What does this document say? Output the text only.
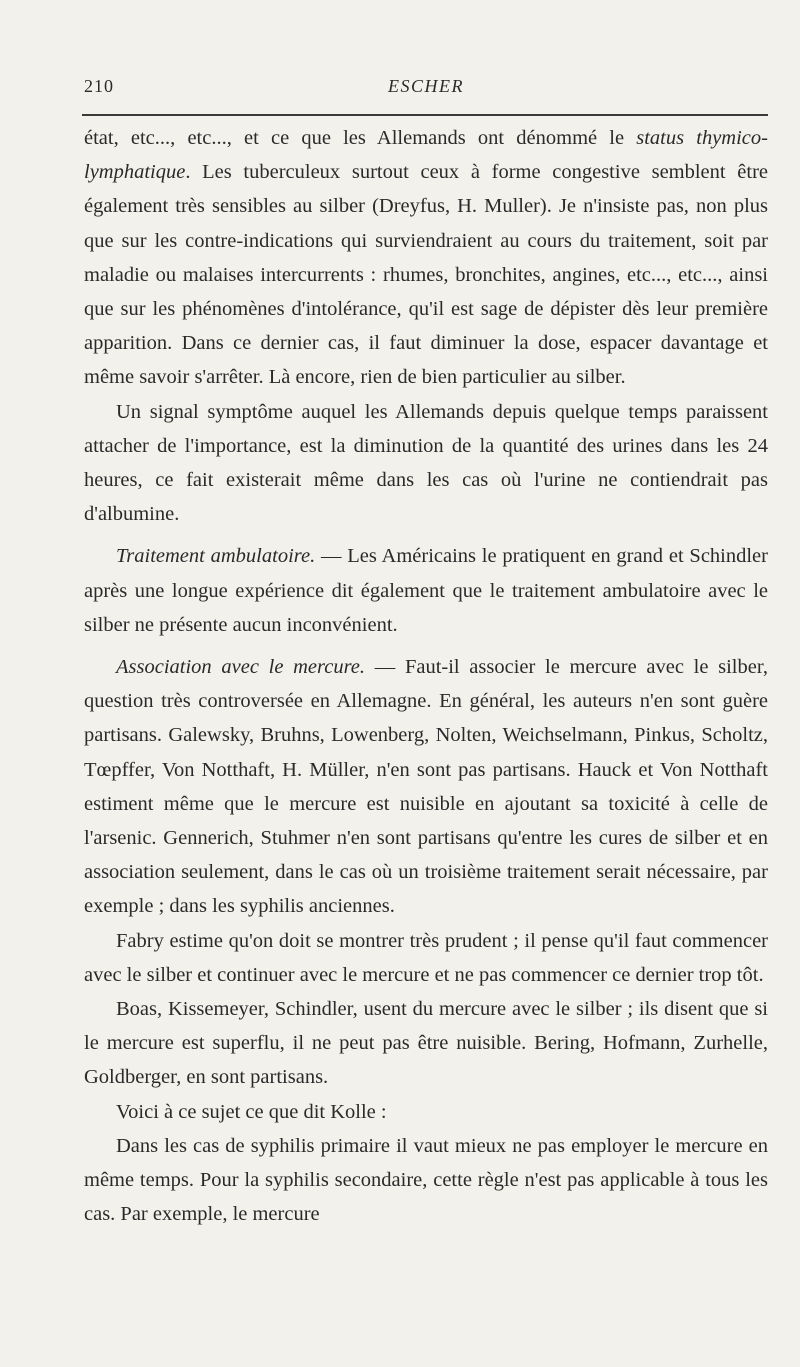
210	ESCHER

état, etc..., etc..., et ce que les Allemands ont dénommé le status thymico-lymphatique. Les tuberculeux surtout ceux à forme congestive semblent être également très sensibles au silber (Dreyfus, H. Muller). Je n'insiste pas, non plus que sur les contre-indications qui surviendraient au cours du traitement, soit par maladie ou malaises intercurrents : rhumes, bronchites, angines, etc..., etc..., ainsi que sur les phénomènes d'intolérance, qu'il est sage de dépister dès leur première apparition. Dans ce dernier cas, il faut diminuer la dose, espacer davantage et même savoir s'arrêter. Là encore, rien de bien particulier au silber.

Un signal symptôme auquel les Allemands depuis quelque temps paraissent attacher de l'importance, est la diminution de la quantité des urines dans les 24 heures, ce fait existerait même dans les cas où l'urine ne contiendrait pas d'albumine.

Traitement ambulatoire. — Les Américains le pratiquent en grand et Schindler après une longue expérience dit également que le traitement ambulatoire avec le silber ne présente aucun inconvénient.

Association avec le mercure. — Faut-il associer le mercure avec le silber, question très controversée en Allemagne. En général, les auteurs n'en sont guère partisans. Galewsky, Bruhns, Lowenberg, Nolten, Weichselmann, Pinkus, Scholtz, Tœpffer, Von Notthaft, H. Müller, n'en sont pas partisans. Hauck et Von Notthaft estiment même que le mercure est nuisible en ajoutant sa toxicité à celle de l'arsenic. Gennerich, Stuhmer n'en sont partisans qu'entre les cures de silber et en association seulement, dans le cas où un troisième traitement serait nécessaire, par exemple ; dans les syphilis anciennes.

Fabry estime qu'on doit se montrer très prudent ; il pense qu'il faut commencer avec le silber et continuer avec le mercure et ne pas commencer ce dernier trop tôt.

Boas, Kissemeyer, Schindler, usent du mercure avec le silber ; ils disent que si le mercure est superflu, il ne peut pas être nuisible. Bering, Hofmann, Zurhelle, Goldberger, en sont partisans.

Voici à ce sujet ce que dit Kolle :

Dans les cas de syphilis primaire il vaut mieux ne pas employer le mercure en même temps. Pour la syphilis secondaire, cette règle n'est pas applicable à tous les cas. Par exemple, le mercure
